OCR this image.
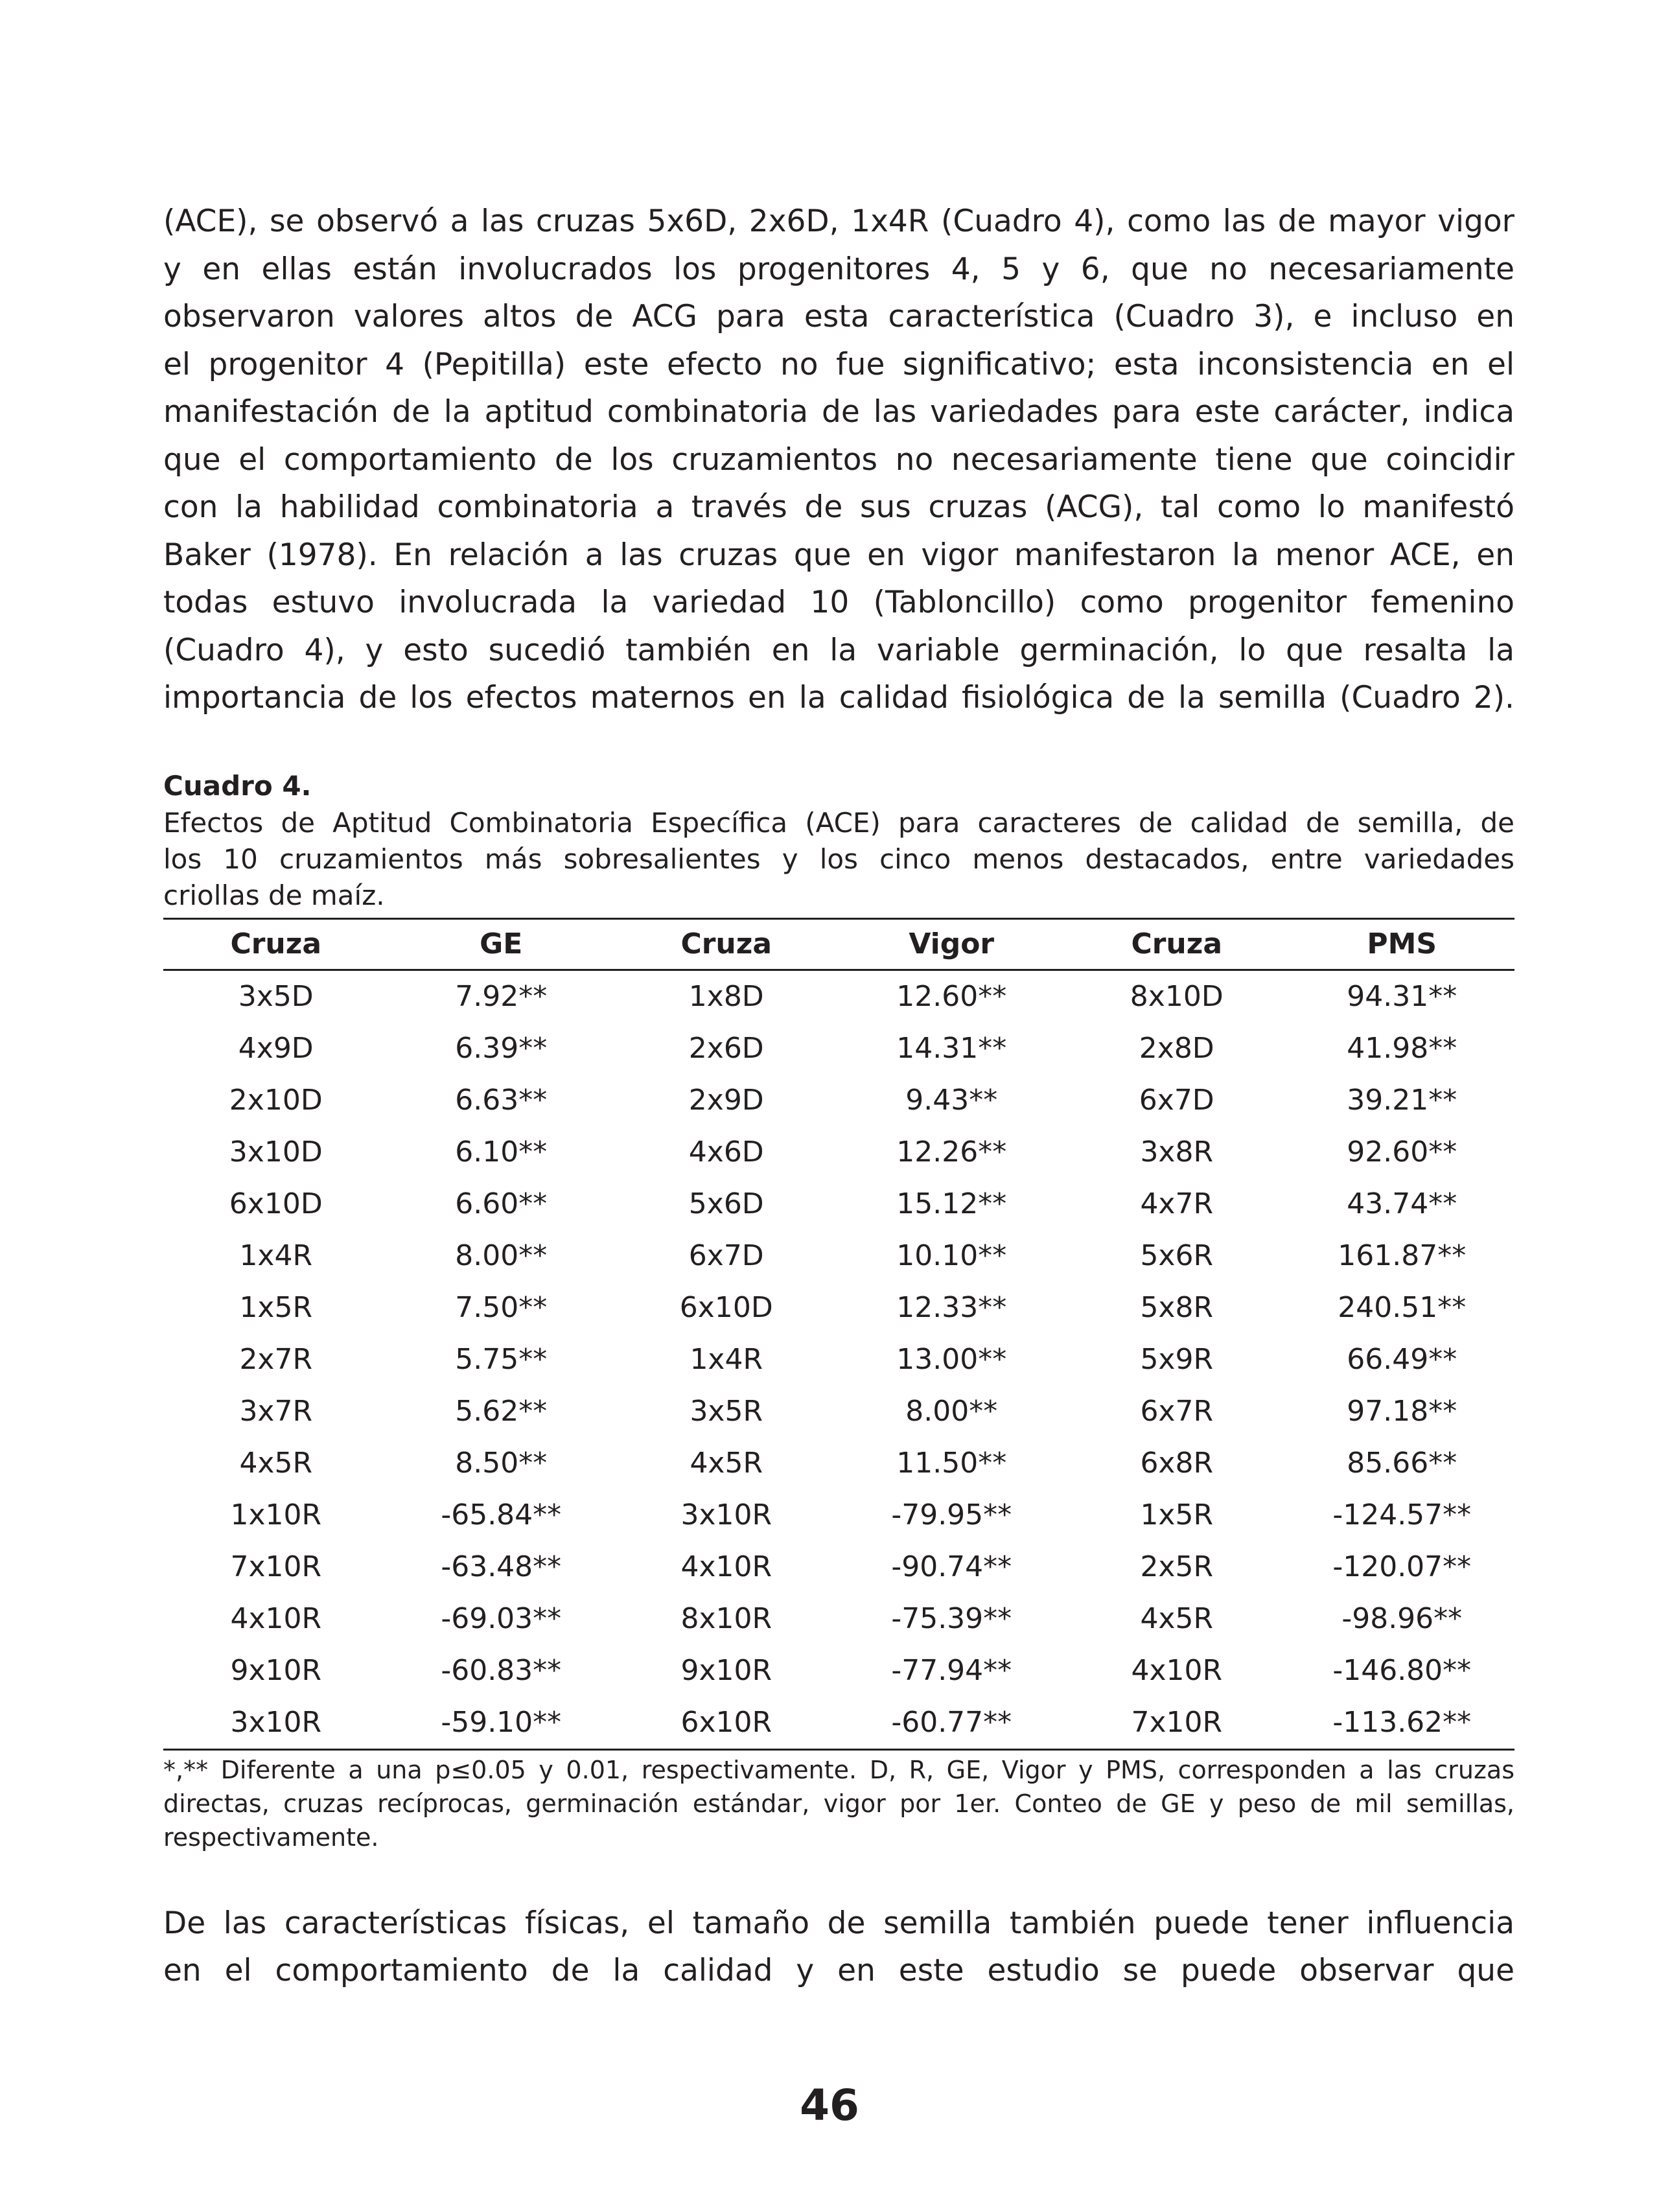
(ACE), se observó a las cruzas 5x6D, 2x6D, 1x4R (Cuadro 4), como las de mayor vigor
y en ellas están involucrados los progenitores 4, 5 y 6, que no necesariamente
observaron valores altos de ACG para esta característica (Cuadro 3), e incluso en
el progenitor 4 (Pepitilla) este efecto no fue significativo; esta inconsistencia en el
manifestación de la aptitud combinatoria de las variedades para este carácter, indica
que el comportamiento de los cruzamientos no necesariamente tiene que coincidir
con la habilidad combinatoria a través de sus cruzas (ACG), tal como lo manifestó
Baker (1978). En relación a las cruzas que en vigor manifestaron la menor ACE, en
todas estuvo involucrada la variedad 10 (Tabloncillo) como progenitor femenino
(Cuadro 4), y esto sucedió también en la variable germinación, lo que resalta la
importancia de los efectos maternos en la calidad fisiológica de la semilla (Cuadro 2).
Cuadro 4.
Efectos de Aptitud Combinatoria Específica (ACE) para caracteres de calidad de semilla, de
los 10 cruzamientos más sobresalientes y los cinco menos destacados, entre variedades
criollas de maíz.
Cruza	GE	Cruza	Vigor	Cruza	PMS
3x5D	7.92**	1x8D	12.60**	8x10D	94.31**
4x9D	6.39**	2x6D	14.31**	2x8D	41.98**
2x10D	6.63**	2x9D	9.43**	6x7D	39.21**
3x10D	6.10**	4x6D	12.26**	3x8R	92.60**
6x10D	6.60**	5x6D	15.12**	4x7R	43.74**
1x4R	8.00**	6x7D	10.10**	5x6R	161.87**
1x5R	7.50**	6x10D	12.33**	5x8R	240.51**
2x7R	5.75**	1x4R	13.00**	5x9R	66.49**
3x7R	5.62**	3x5R	8.00**	6x7R	97.18**
4x5R	8.50**	4x5R	11.50**	6x8R	85.66**
1x10R	-65.84**	3x10R	-79.95**	1x5R	-124.57**
7x10R	-63.48**	4x10R	-90.74**	2x5R	-120.07**
4x10R	-69.03**	8x10R	-75.39**	4x5R	-98.96**
9x10R	-60.83**	9x10R	-77.94**	4x10R	-146.80**
3x10R	-59.10**	6x10R	-60.77**	7x10R	-113.62**
*,** Diferente a una p≤0.05 y 0.01, respectivamente. D, R, GE, Vigor y PMS, corresponden a las cruzas
directas, cruzas recíprocas, germinación estándar, vigor por 1er. Conteo de GE y peso de mil semillas,
respectivamente.
De las características físicas, el tamaño de semilla también puede tener influencia
en el comportamiento de la calidad y en este estudio se puede observar que
46
